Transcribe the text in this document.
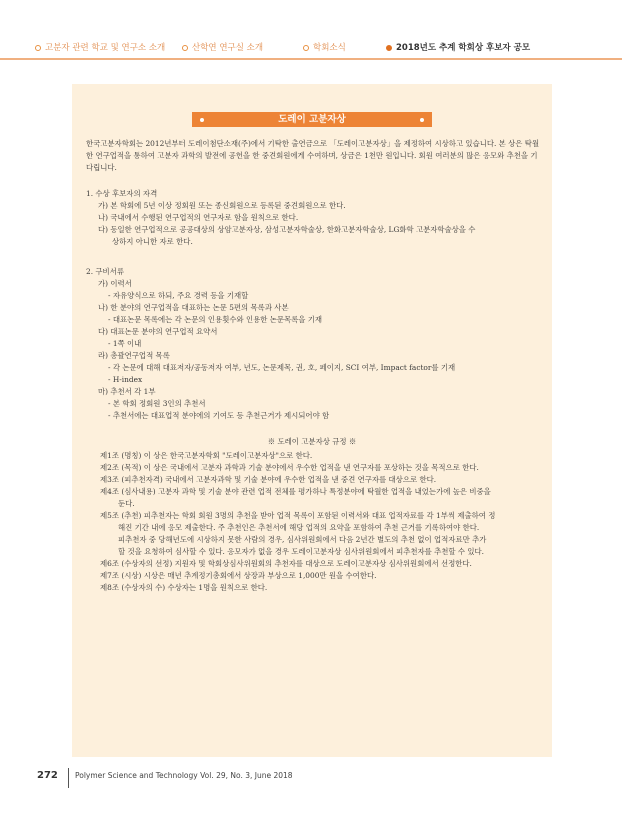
고분자 관련 학교 및 연구소 소개	산학연 연구실 소개	학회소식	2018년도 추계 학회상 후보자 공모
도레이 고분자상
한국고분자학회는 2012년부터 도레이첨단소재(주)에서 기탁한 출연금으로 「도레이고분자상」을 제정하여 시상하고 있습니다. 본 상은 탁월한 연구업적을 통하여 고분자 과학의 발전에 공헌을 한 중견회원에게 수여하며, 상금은 1천만 원입니다. 회원 여러분의 많은 응모와 추천을 기다립니다.
1. 수상 후보자의 자격
가) 본 학회에 5년 이상 정회원 또는 종신회원으로 등록된 중견회원으로 한다.
나) 국내에서 수행된 연구업적의 연구자로 함을 원칙으로 한다.
다) 동일한 연구업적으로 공공대상의 상암고분자상, 삼성고분자학술상, 한화고분자학술상, LG화학 고분자학술상을 수
상하지 아니한 자로 한다.
2. 구비서류
가) 이력서
- 자유양식으로 하되, 주요 경력 등을 기재할
나) 한 분야의 연구업적을 대표하는 논문 5편의 목록과 사본
- 대표논문 목록에는 각 논문의 인용횟수와 인용한 논문목록을 기재
다) 대표논문 분야의 연구업적 요약서
- 1쪽 이내
라) 총괄연구업적 목록
- 각 논문에 대해 대표저자/공동저자 여부, 년도, 논문제목, 권, 호, 페이지, SCI 여부, Impact factor를 기재
- H-index
마) 추천서 각 1부
- 본 학회 정회원 3인의 추천서
- 추천서에는 대표업적 분야에의 기여도 등 추천근거가 제시되어야 함
※ 도레이 고분자상 규정 ※
제1조 (명칭) 이 상은 한국고분자학회 "도레이고분자상"으로 한다.
제2조 (목적) 이 상은 국내에서 고분자 과학과 기술 분야에서 우수한 업적을 낸 연구자를 포상하는 것을 목적으로 한다.
제3조 (피추천자격) 국내에서 고분자과학 및 기술 분야에 우수한 업적을 낸 중견 연구자를 대상으로 한다.
제4조 (심사내용) 고분자 과학 및 기술 분야 관련 업적 전체를 평가하나 특정분야에 탁월한 업적을 내었는가에 높은 비중을
둔다.
제5조 (추천) 피추천자는 학회 회원 3명의 추천을 받아 업적 목록이 포함된 이력서와 대표 업적자료를 각 1부씩 제출하여 정
해진 기간 내에 응모 제출한다. 주 추천인은 추천서에 해당 업적의 요약을 포함하여 추천 근거를 기록하여야 한다.
피추천자 중 당해년도에 시상하지 못한 사람의 경우, 심사위원회에서 다음 2년간 별도의 추천 없이 업적자료만 추가
할 것을 요청하여 심사할 수 있다. 응모자가 없을 경우 도레이고분자상 심사위원회에서 피추천자를 추천할 수 있다.
제6조 (수상자의 선정) 지원자 및 학회상심사위원회의 추천자를 대상으로 도레이고분자상 심사위원회에서 선정한다.
제7조 (시상) 시상은 매년 추계정기총회에서 상장과 부상으로 1,000만 원을 수여한다.
제8조 (수상자의 수) 수상자는 1명을 원칙으로 한다.
272 Polymer Science and Technology Vol. 29, No. 3, June 2018
